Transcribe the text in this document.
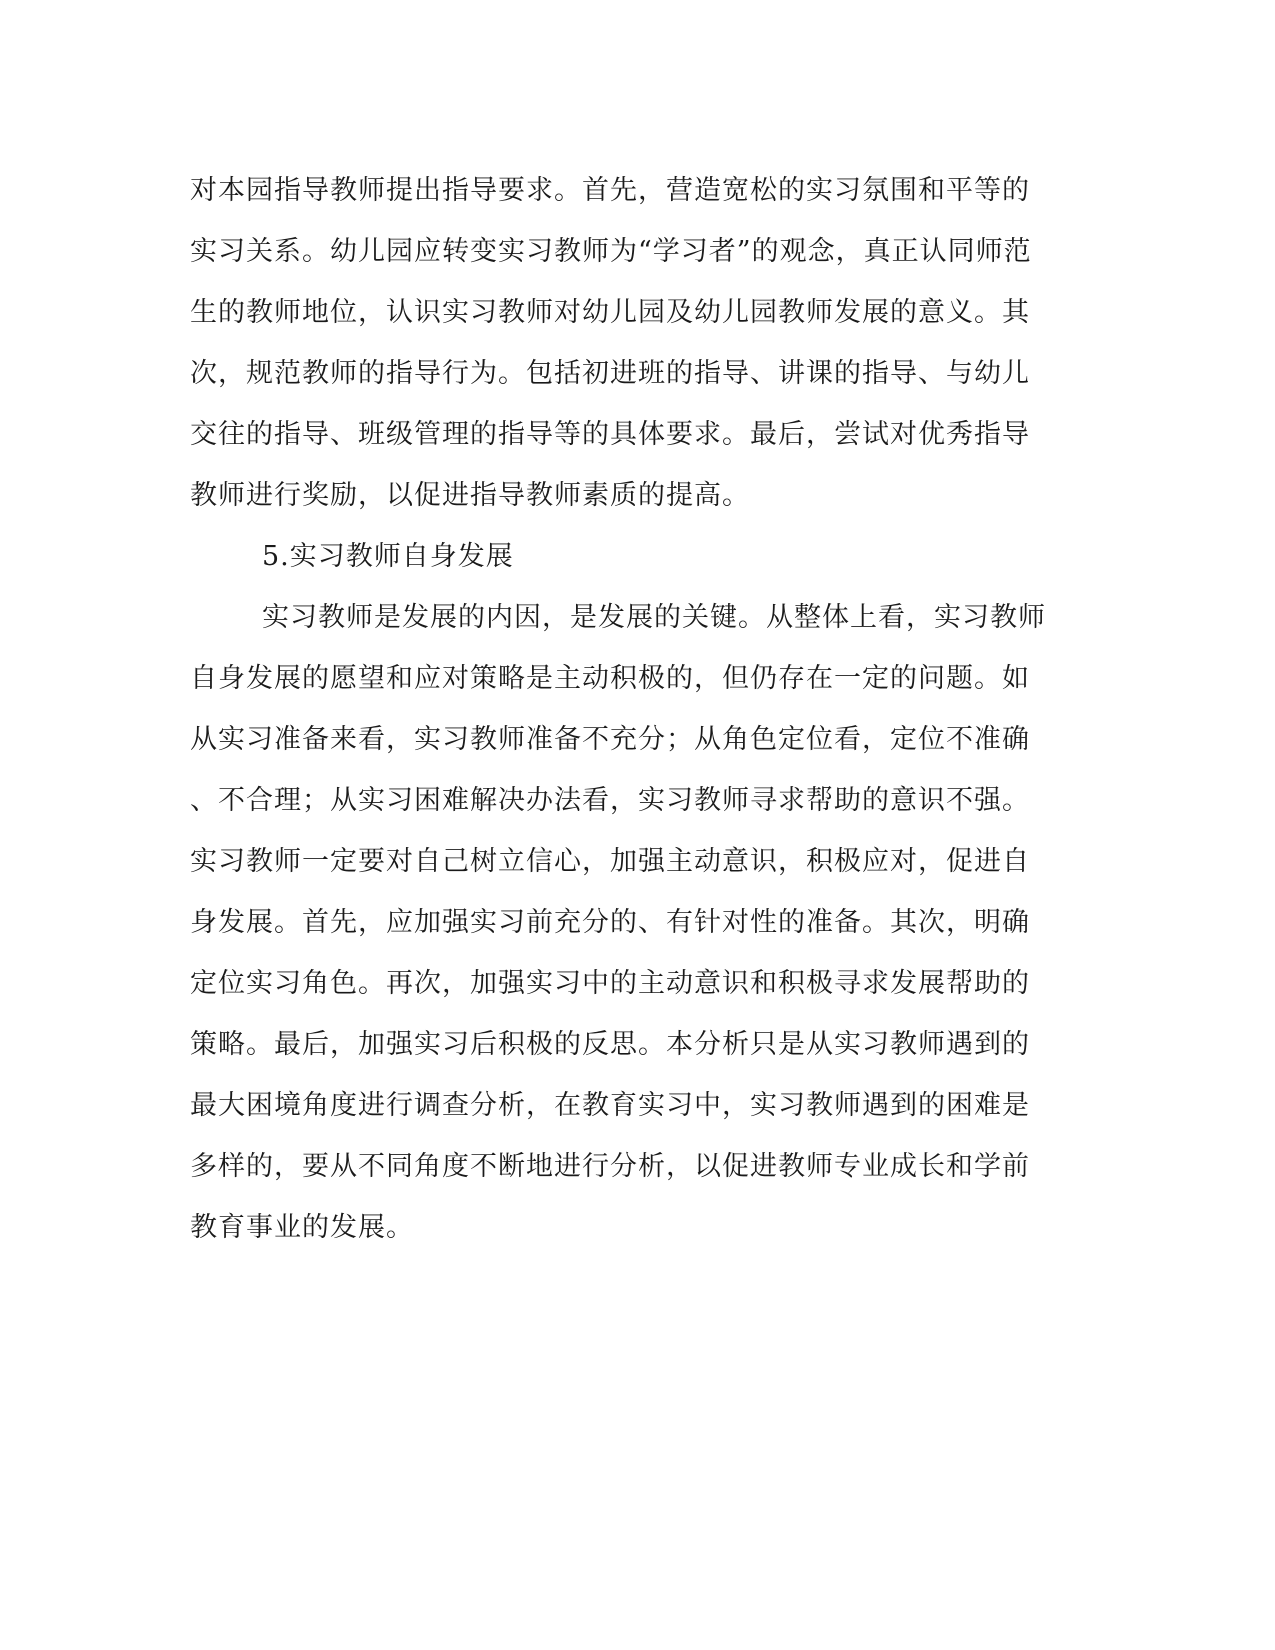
对本园指导教师提出指导要求。首先，营造宽松的实习氛围和平等的
实习关系。幼儿园应转变实习教师为“学习者”的观念，真正认同师范
生的教师地位，认识实习教师对幼儿园及幼儿园教师发展的意义。其
次，规范教师的指导行为。包括初进班的指导、讲课的指导、与幼儿
交往的指导、班级管理的指导等的具体要求。最后，尝试对优秀指导
教师进行奖励，以促进指导教师素质的提高。
5.实习教师自身发展
实习教师是发展的内因，是发展的关键。从整体上看，实习教师
自身发展的愿望和应对策略是主动积极的，但仍存在一定的问题。如
从实习准备来看，实习教师准备不充分；从角色定位看，定位不准确
、不合理；从实习困难解决办法看，实习教师寻求帮助的意识不强。
实习教师一定要对自己树立信心，加强主动意识，积极应对，促进自
身发展。首先，应加强实习前充分的、有针对性的准备。其次，明确
定位实习角色。再次，加强实习中的主动意识和积极寻求发展帮助的
策略。最后，加强实习后积极的反思。本分析只是从实习教师遇到的
最大困境角度进行调查分析，在教育实习中，实习教师遇到的困难是
多样的，要从不同角度不断地进行分析，以促进教师专业成长和学前
教育事业的发展。
